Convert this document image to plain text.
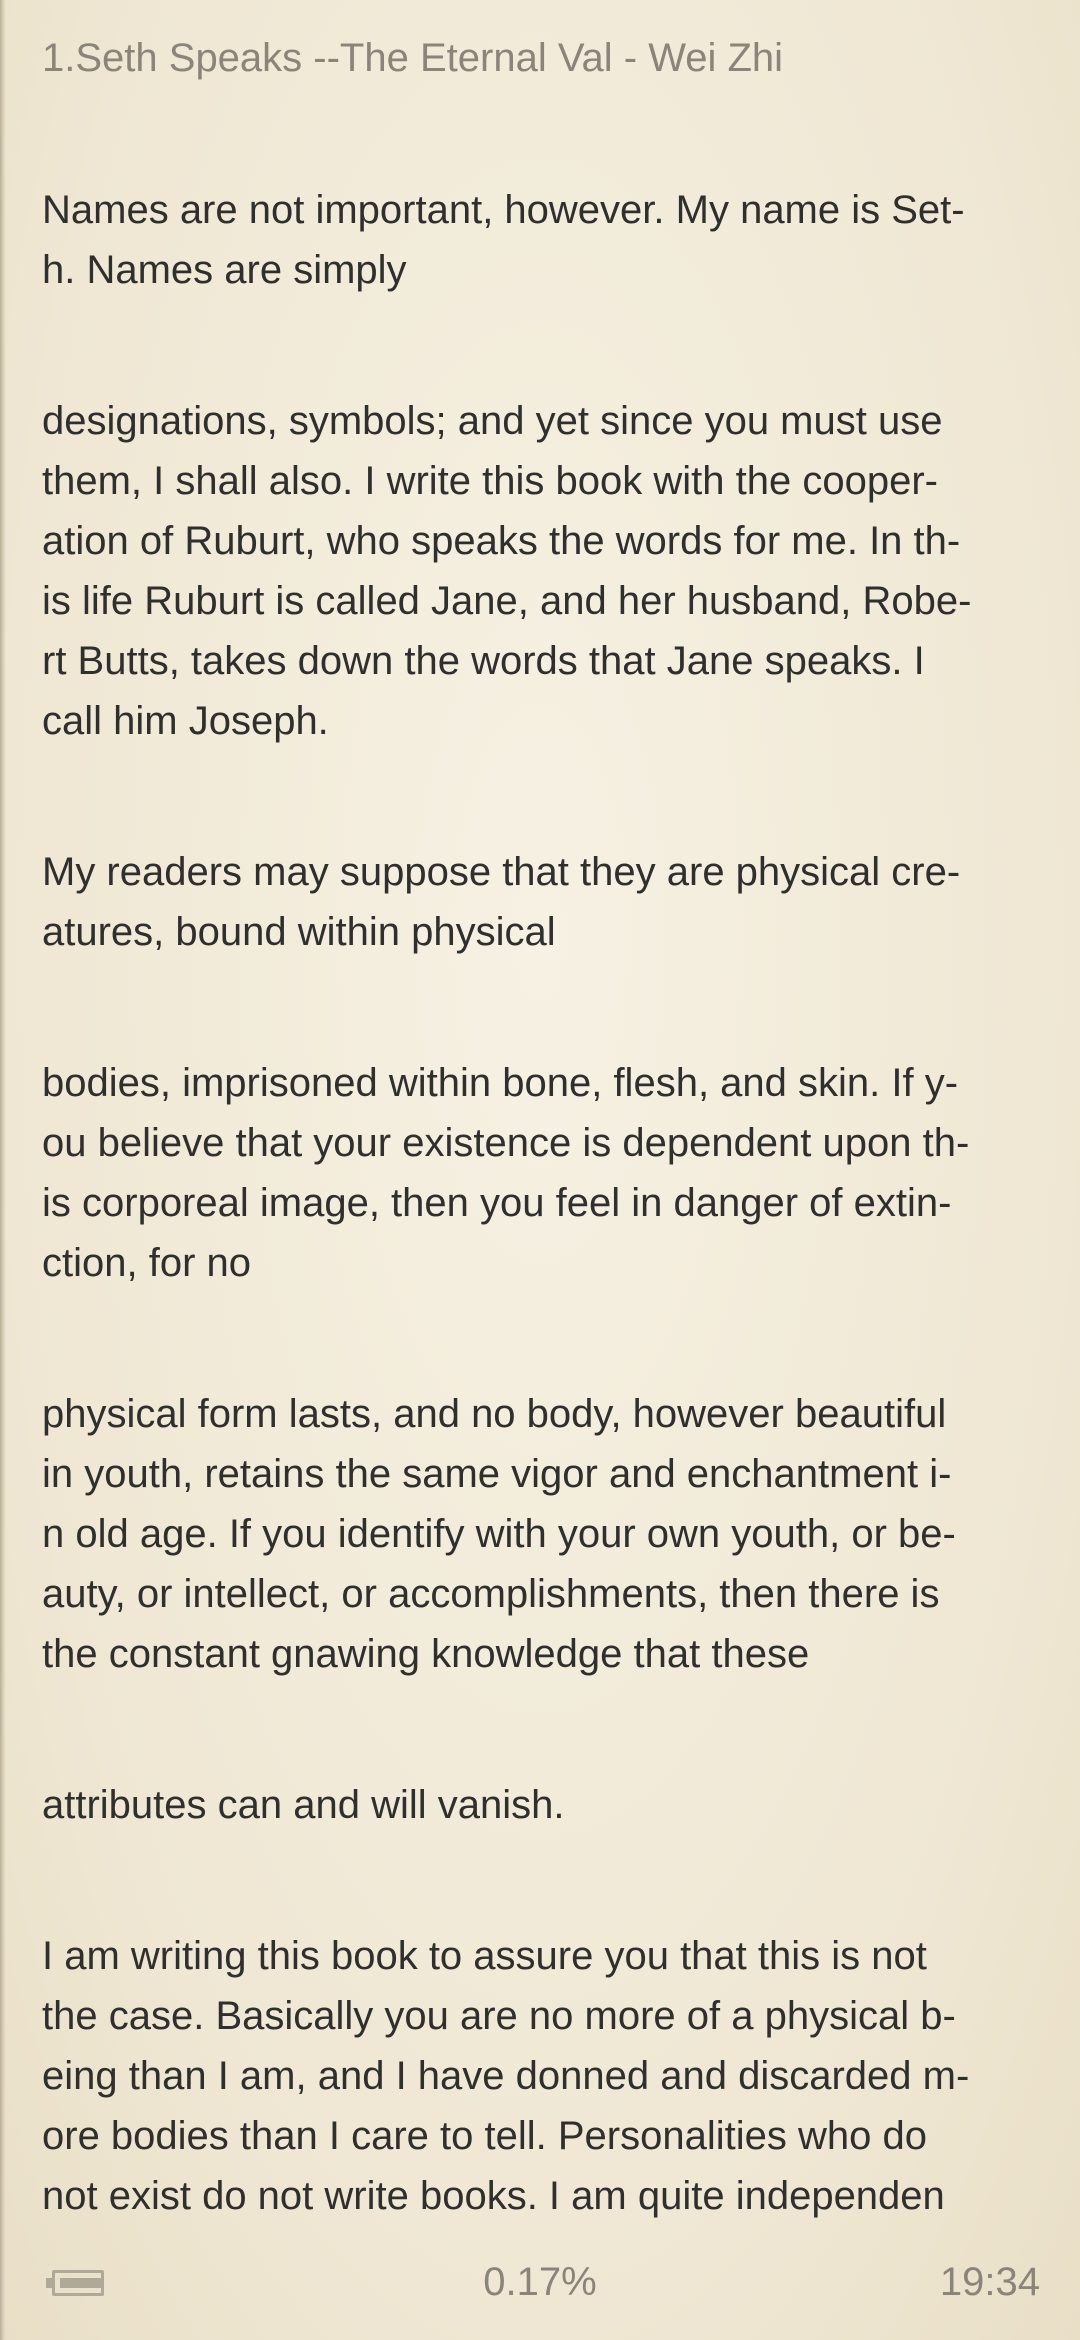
1.Seth Speaks --The Eternal Val - Wei Zhi

Names are not important, however. My name is Set-
h. Names are simply

designations, symbols; and yet since you must use
them, I shall also. I write this book with the cooper-
ation of Ruburt, who speaks the words for me. In th-
is life Ruburt is called Jane, and her husband, Robe-
rt Butts, takes down the words that Jane speaks. I
call him Joseph.

My readers may suppose that they are physical cre-
atures, bound within physical

bodies, imprisoned within bone, flesh, and skin. If y-
ou believe that your existence is dependent upon th-
is corporeal image, then you feel in danger of extin-
ction, for no

physical form lasts, and no body, however beautiful
in youth, retains the same vigor and enchantment i-
n old age. If you identify with your own youth, or be-
auty, or intellect, or accomplishments, then there is
the constant gnawing knowledge that these

attributes can and will vanish.

I am writing this book to assure you that this is not
the case. Basically you are no more of a physical b-
eing than I am, and I have donned and discarded m-
ore bodies than I care to tell. Personalities who do
not exist do not write books. I am quite independen

0.17%	19:34
